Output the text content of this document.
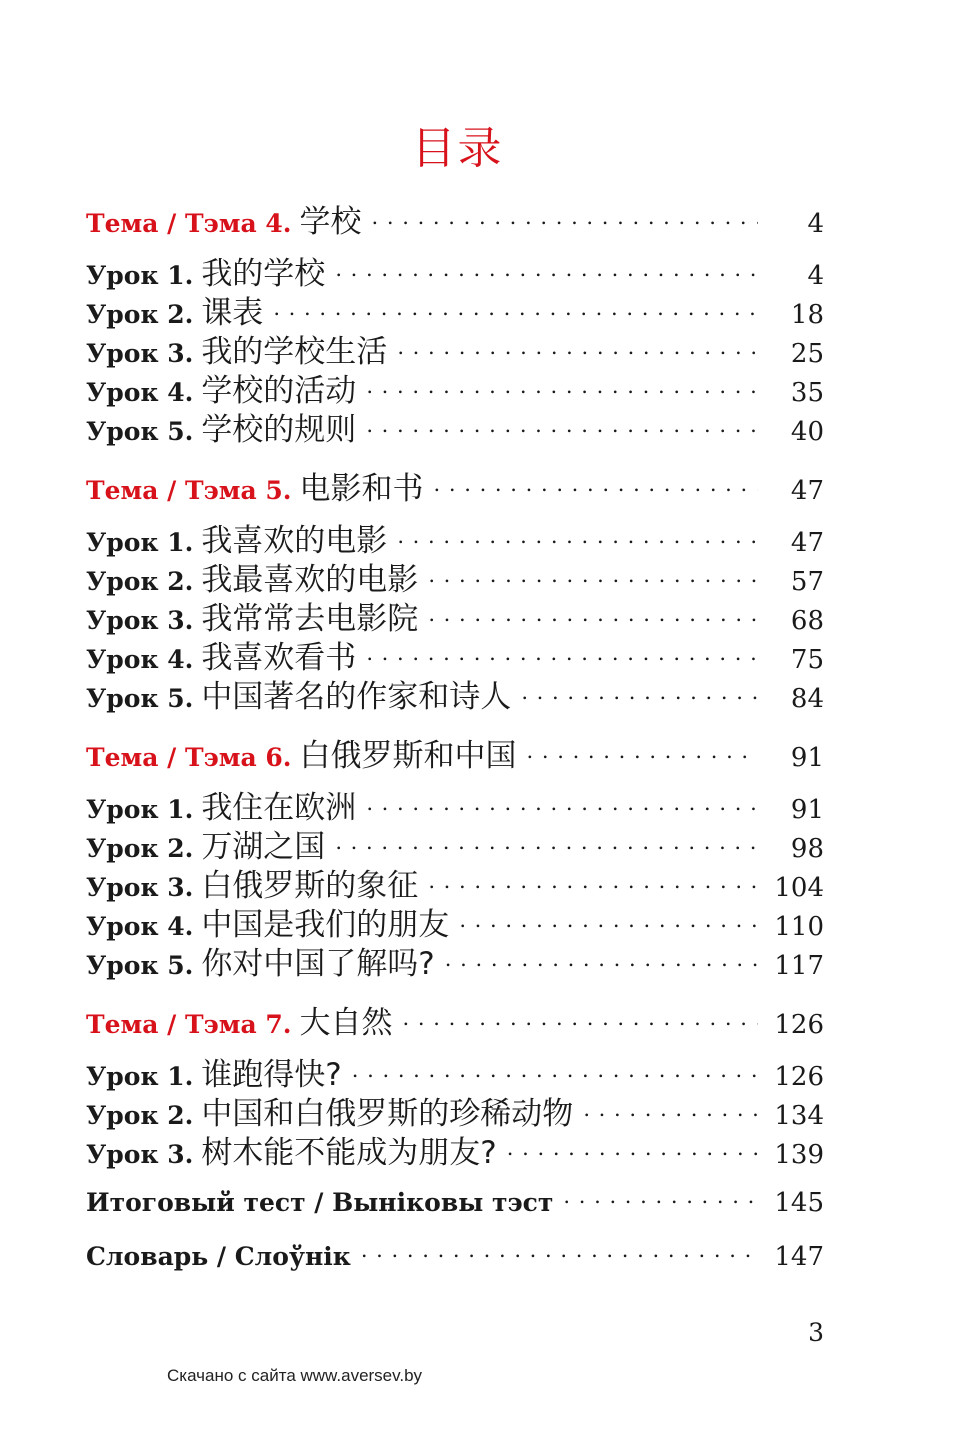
目录
Тема / Тэма 4. 学校 . . .	4
Урок 1. 我的学校 . . .	4
Урок 2. 课表 . . .	18
Урок 3. 我的学校生活 . . .	25
Урок 4. 学校的活动 . . .	35
Урок 5. 学校的规则 . . .	40
Тема / Тэма 5. 电影和书 . . .	47
Урок 1. 我喜欢的电影 . . .	47
Урок 2. 我最喜欢的电影 . . .	57
Урок 3. 我常常去电影院 . . .	68
Урок 4. 我喜欢看书 . . .	75
Урок 5. 中国著名的作家和诗人 . . .	84
Тема / Тэма 6. 白俄罗斯和中国 . . .	91
Урок 1. 我住在欧洲 . . .	91
Урок 2. 万湖之国 . . .	98
Урок 3. 白俄罗斯的象征 . . .	104
Урок 4. 中国是我们的朋友 . . .	110
Урок 5. 你对中国了解吗? . . .	117
Тема / Тэма 7. 大自然 . . .	126
Урок 1. 谁跑得快? . . .	126
Урок 2. 中国和白俄罗斯的珍稀动物 . . .	134
Урок 3. 树木能不能成为朋友? . . .	139
Итоговый тест / Выніковы тэст . . .	145
Словарь / Слоўнiк . . .	147
3
Скачано с сайта www.aversev.by
